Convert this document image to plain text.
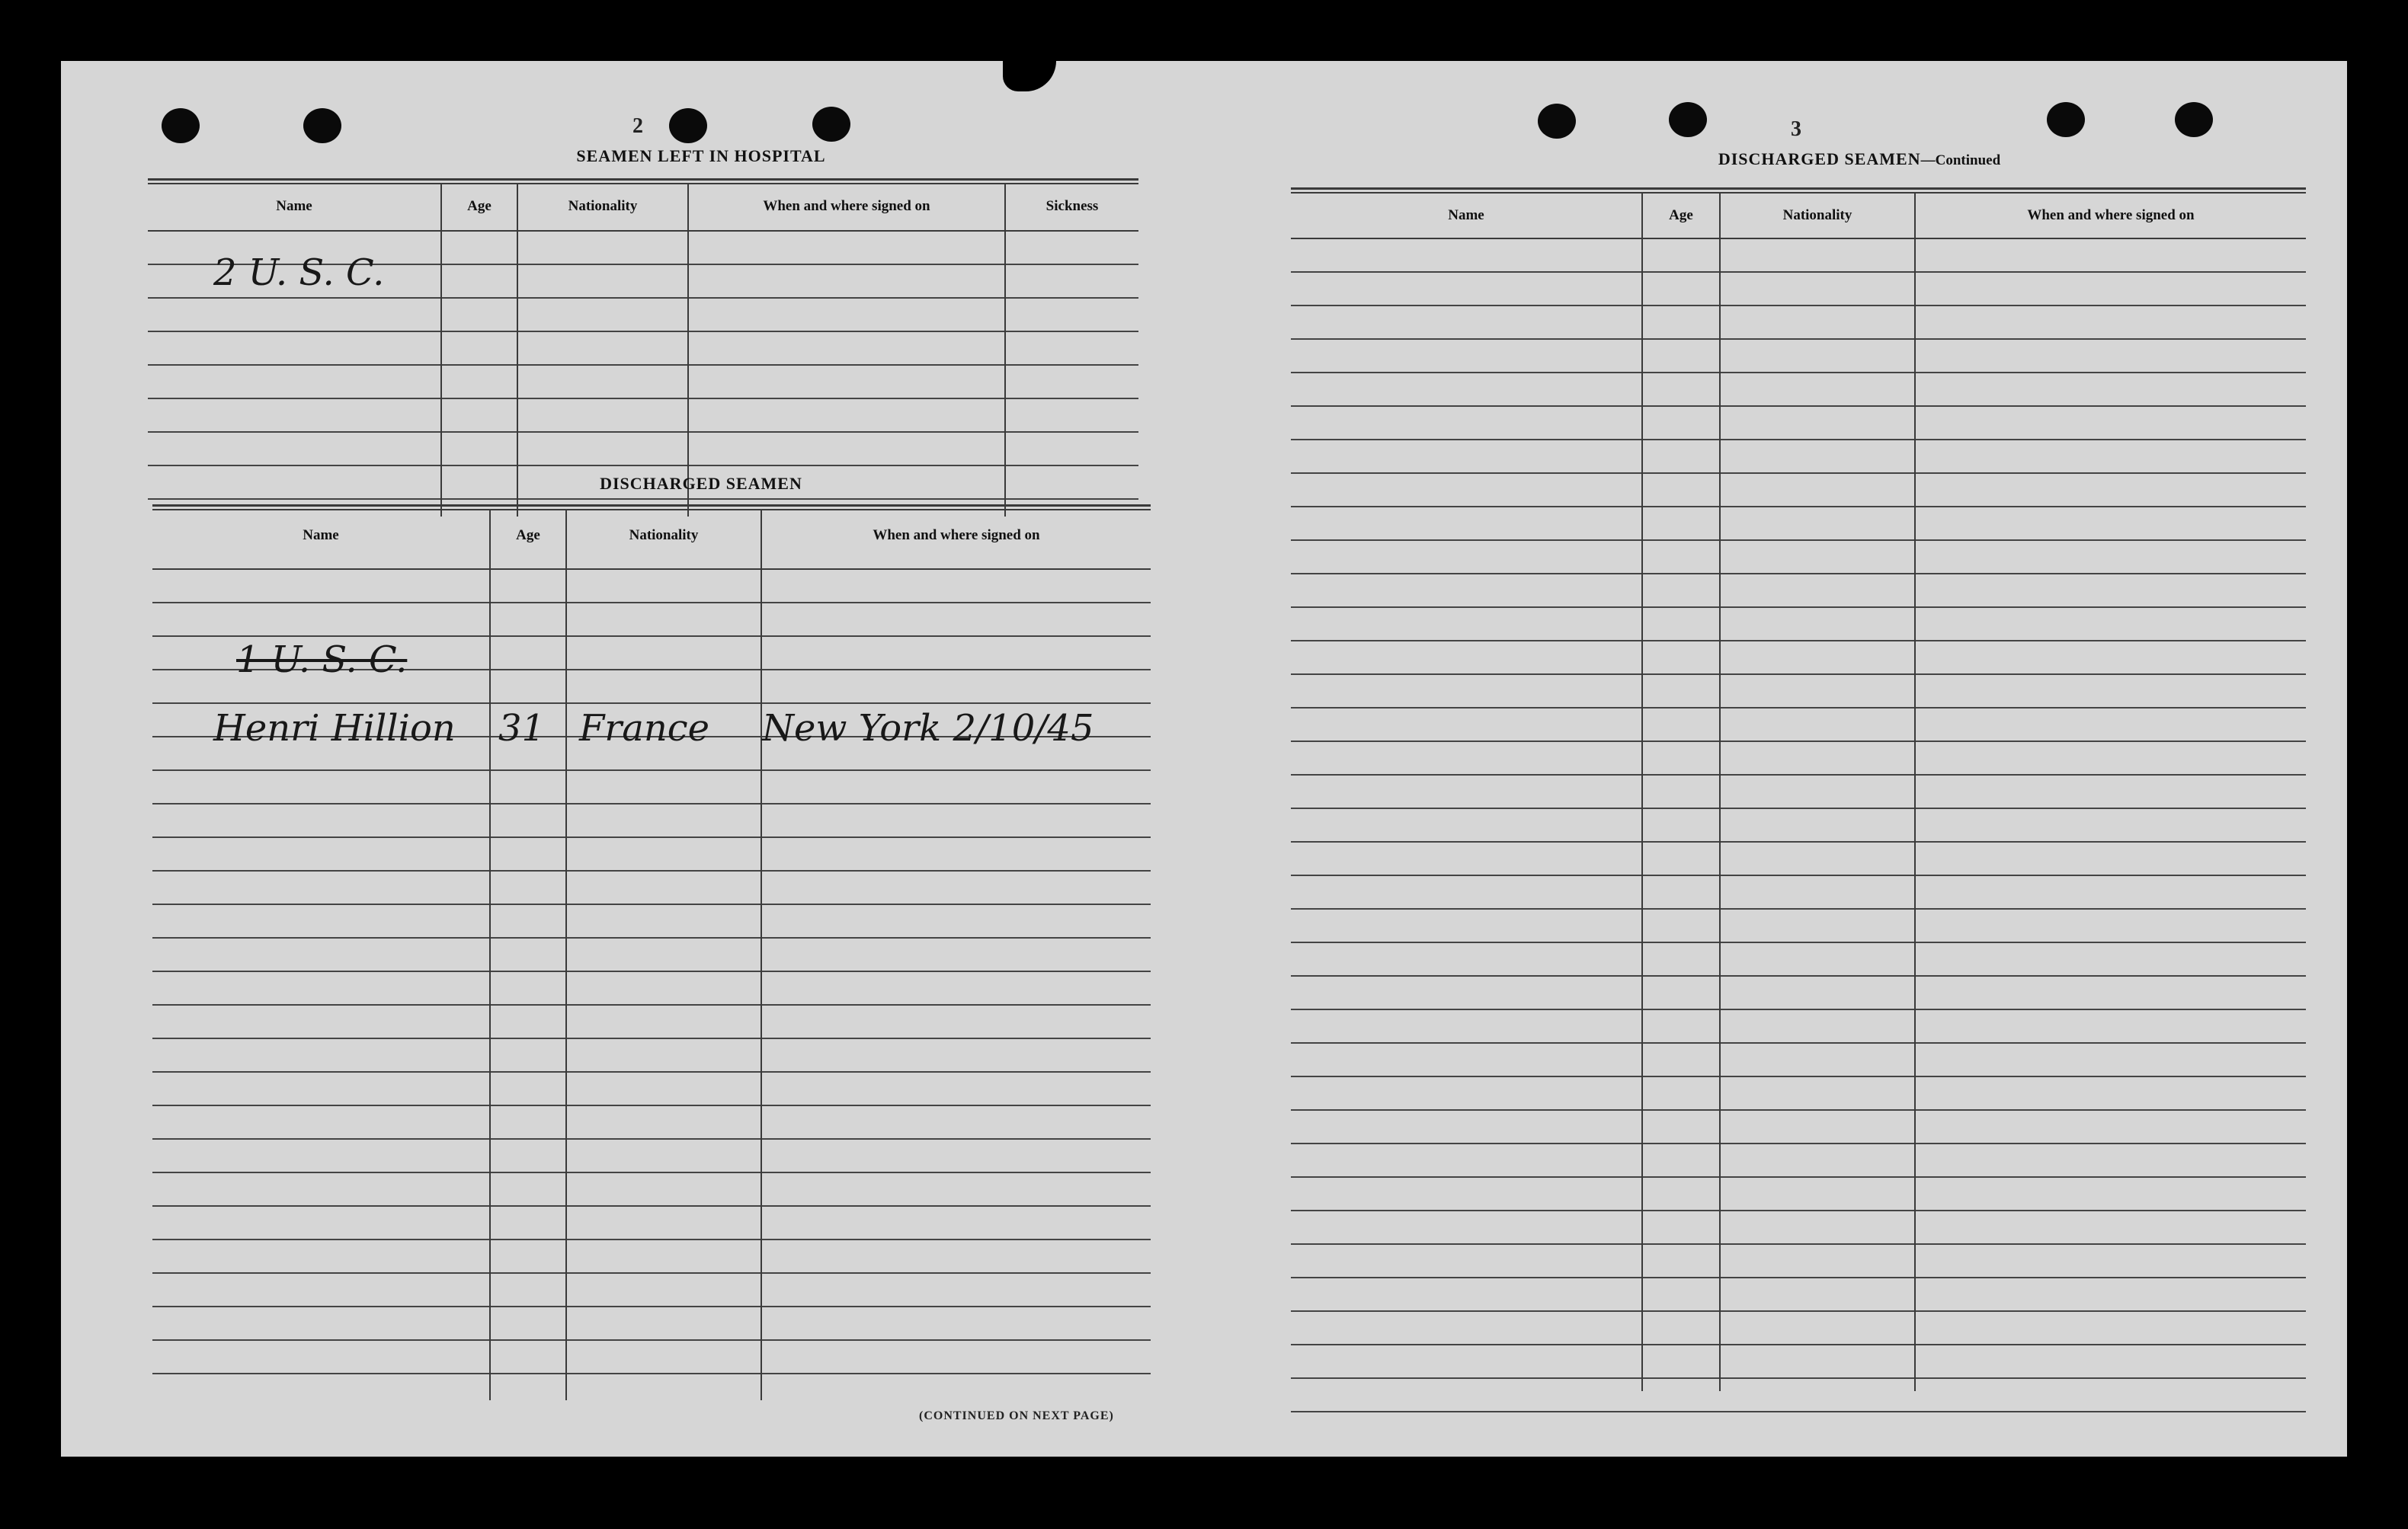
2
SEAMEN LEFT IN HOSPITAL
Name	Age	Nationality	When and where signed on	Sickness
2 U. S. C.
DISCHARGED SEAMEN
Name	Age	Nationality	When and where signed on
1 U. S. C.
Henri Hillion 31 France New York 2/10/45
(CONTINUED ON NEXT PAGE)
3
DISCHARGED SEAMEN—Continued
Name	Age	Nationality	When and where signed on
